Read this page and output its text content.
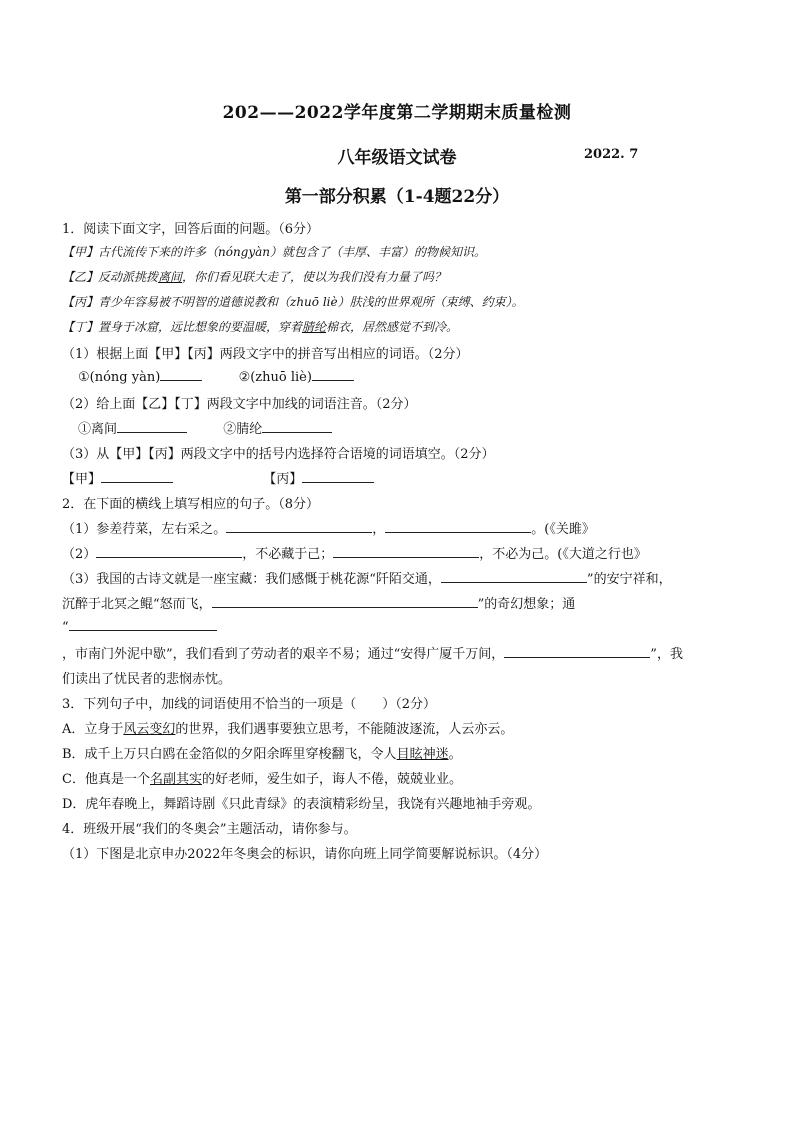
202——2022学年度第二学期期末质量检测
八年级语文试卷	2022. 7
第一部分积累（1-4题22分）
1．阅读下面文字，回答后面的问题。（6分）
【甲】古代流传下来的许多（nóngyàn）就包含了（丰厚、丰富）的物候知识。
【乙】反动派挑拨离间，你们看见联大走了，使以为我们没有力量了吗？
【丙】青少年容易被不明智的道德说教和（zhuō liè）肤浅的世界观所（束缚、约束）。
【丁】置身于冰窟，远比想象的要温暖，穿着腈纶棉衣，居然感觉不到冷。
（1）根据上面【甲】【丙】两段文字中的拼音写出相应的词语。（2分）
①(nóng yàn)	②(zhuō liè)
（2）给上面【乙】【丁】两段文字中加线的词语注音。（2分）
①离间	②腈纶
（3）从【甲】【丙】两段文字中的括号内选择符合语境的词语填空。（2分）
【甲】	【丙】
2．在下面的横线上填写相应的句子。（8分）
（1）参差荇菜，左右采之。	，	。(《关雎》
（2）	，不必藏于己；	，不必为己。(《大道之行也》
（3）我国的古诗文就是一座宝藏：我们感慨于桃花源“阡陌交通，	”的安宁祥和，
沉醉于北冥之鲲“怒而飞，	”的奇幻想象；通
“
，市南门外泥中歇”，我们看到了劳动者的艰辛不易；通过“安得广厦千万间，	”，我
们读出了忧民者的悲悯赤忱。
3．下列句子中，加线的词语使用不恰当的一项是（　　）（2分）
A．立身于风云变幻的世界，我们遇事要独立思考，不能随波逐流，人云亦云。
B．成千上万只白鸥在金箔似的夕阳余晖里穿梭翻飞，令人目眩神迷。
C．他真是一个名副其实的好老师，爱生如子，诲人不倦，兢兢业业。
D．虎年春晚上，舞蹈诗剧《只此青绿》的表演精彩纷呈，我饶有兴趣地袖手旁观。
4．班级开展“我们的冬奥会”主题活动，请你参与。
（1）下图是北京申办2022年冬奥会的标识，请你向班上同学简要解说标识。（4分）
